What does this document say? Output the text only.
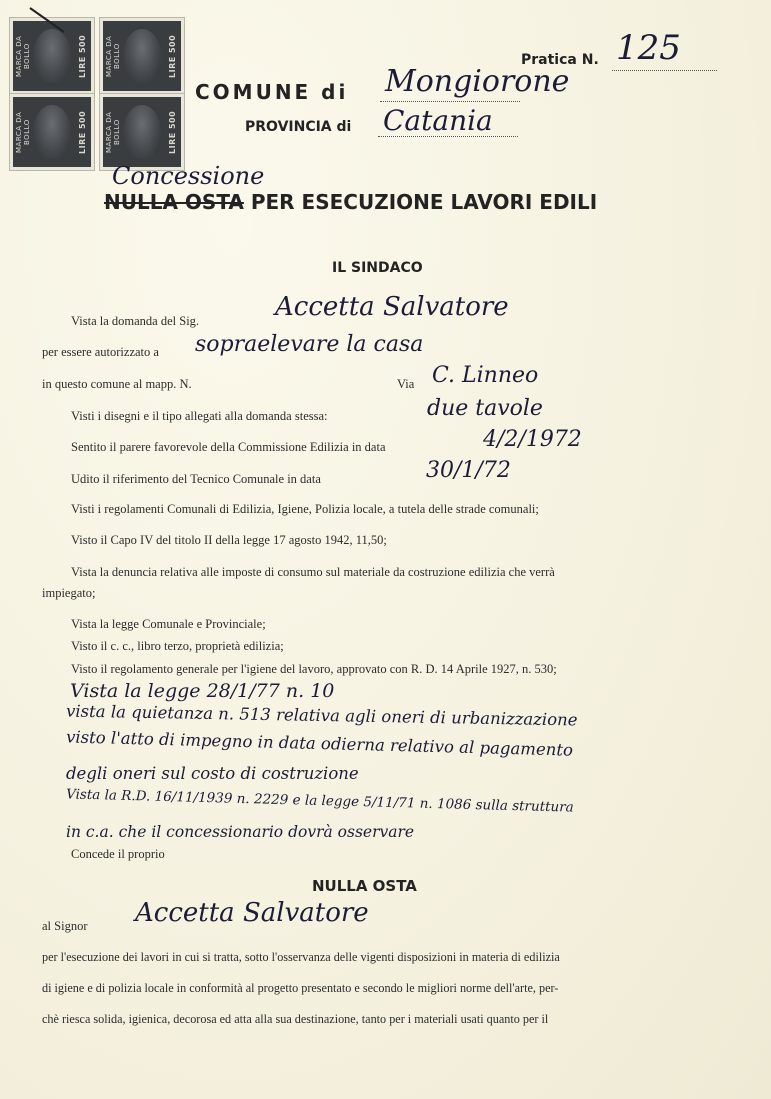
MARCA DA BOLLO	LIRE 500	MARCA DA BOLLO	LIRE 500
MARCA DA BOLLO	LIRE 500	MARCA DA BOLLO	LIRE 500
Pratica N. 125
COMUNE di Mongiorone
PROVINCIA di Catania
Concessione
NULLA OSTA PER ESECUZIONE LAVORI EDILI
IL SINDACO
Vista la domanda del Sig.	Accetta Salvatore
per essere autorizzato a sopraelevare la casa
in questo comune al mapp. N.	Via C. Linneo
Visti i disegni e il tipo allegati alla domanda stessa:	due tavole
Sentito il parere favorevole della Commissione Edilizia in data	4/2/1972
Udito il riferimento del Tecnico Comunale in data	30/1/72
Visti i regolamenti Comunali di Edilizia, Igiene, Polizia locale, a tutela delle strade comunali;
Visto il Capo IV del titolo II della legge 17 agosto 1942, 11,50;
Vista la denuncia relativa alle imposte di consumo sul materiale da costruzione edilizia che verrà
impiegato;
Vista la legge Comunale e Provinciale;
Visto il c. c., libro terzo, proprietà edilizia;
Visto il regolamento generale per l'igiene del lavoro, approvato con R. D. 14 Aprile 1927, n. 530;
Vista la legge 28/1/77 n. 10
vista la quietanza n. 513 relativa agli oneri di urbanizzazione
visto l'atto di impegno in data odierna relativo al pagamento
degli oneri sul costo di costruzione
Vista la R.D. 16/11/1939 n. 2229 e la legge 5/11/71 n. 1086 sulla struttura
in c.a. che il concessionario dovrà osservare
Concede il proprio
NULLA OSTA
al Signor Accetta Salvatore
per l'esecuzione dei lavori in cui si tratta, sotto l'osservanza delle vigenti disposizioni in materia di edilizia
di igiene e di polizia locale in conformità al progetto presentato e secondo le migliori norme dell'arte, per-
chè riesca solida, igienica, decorosa ed atta alla sua destinazione, tanto per i materiali usati quanto per il
